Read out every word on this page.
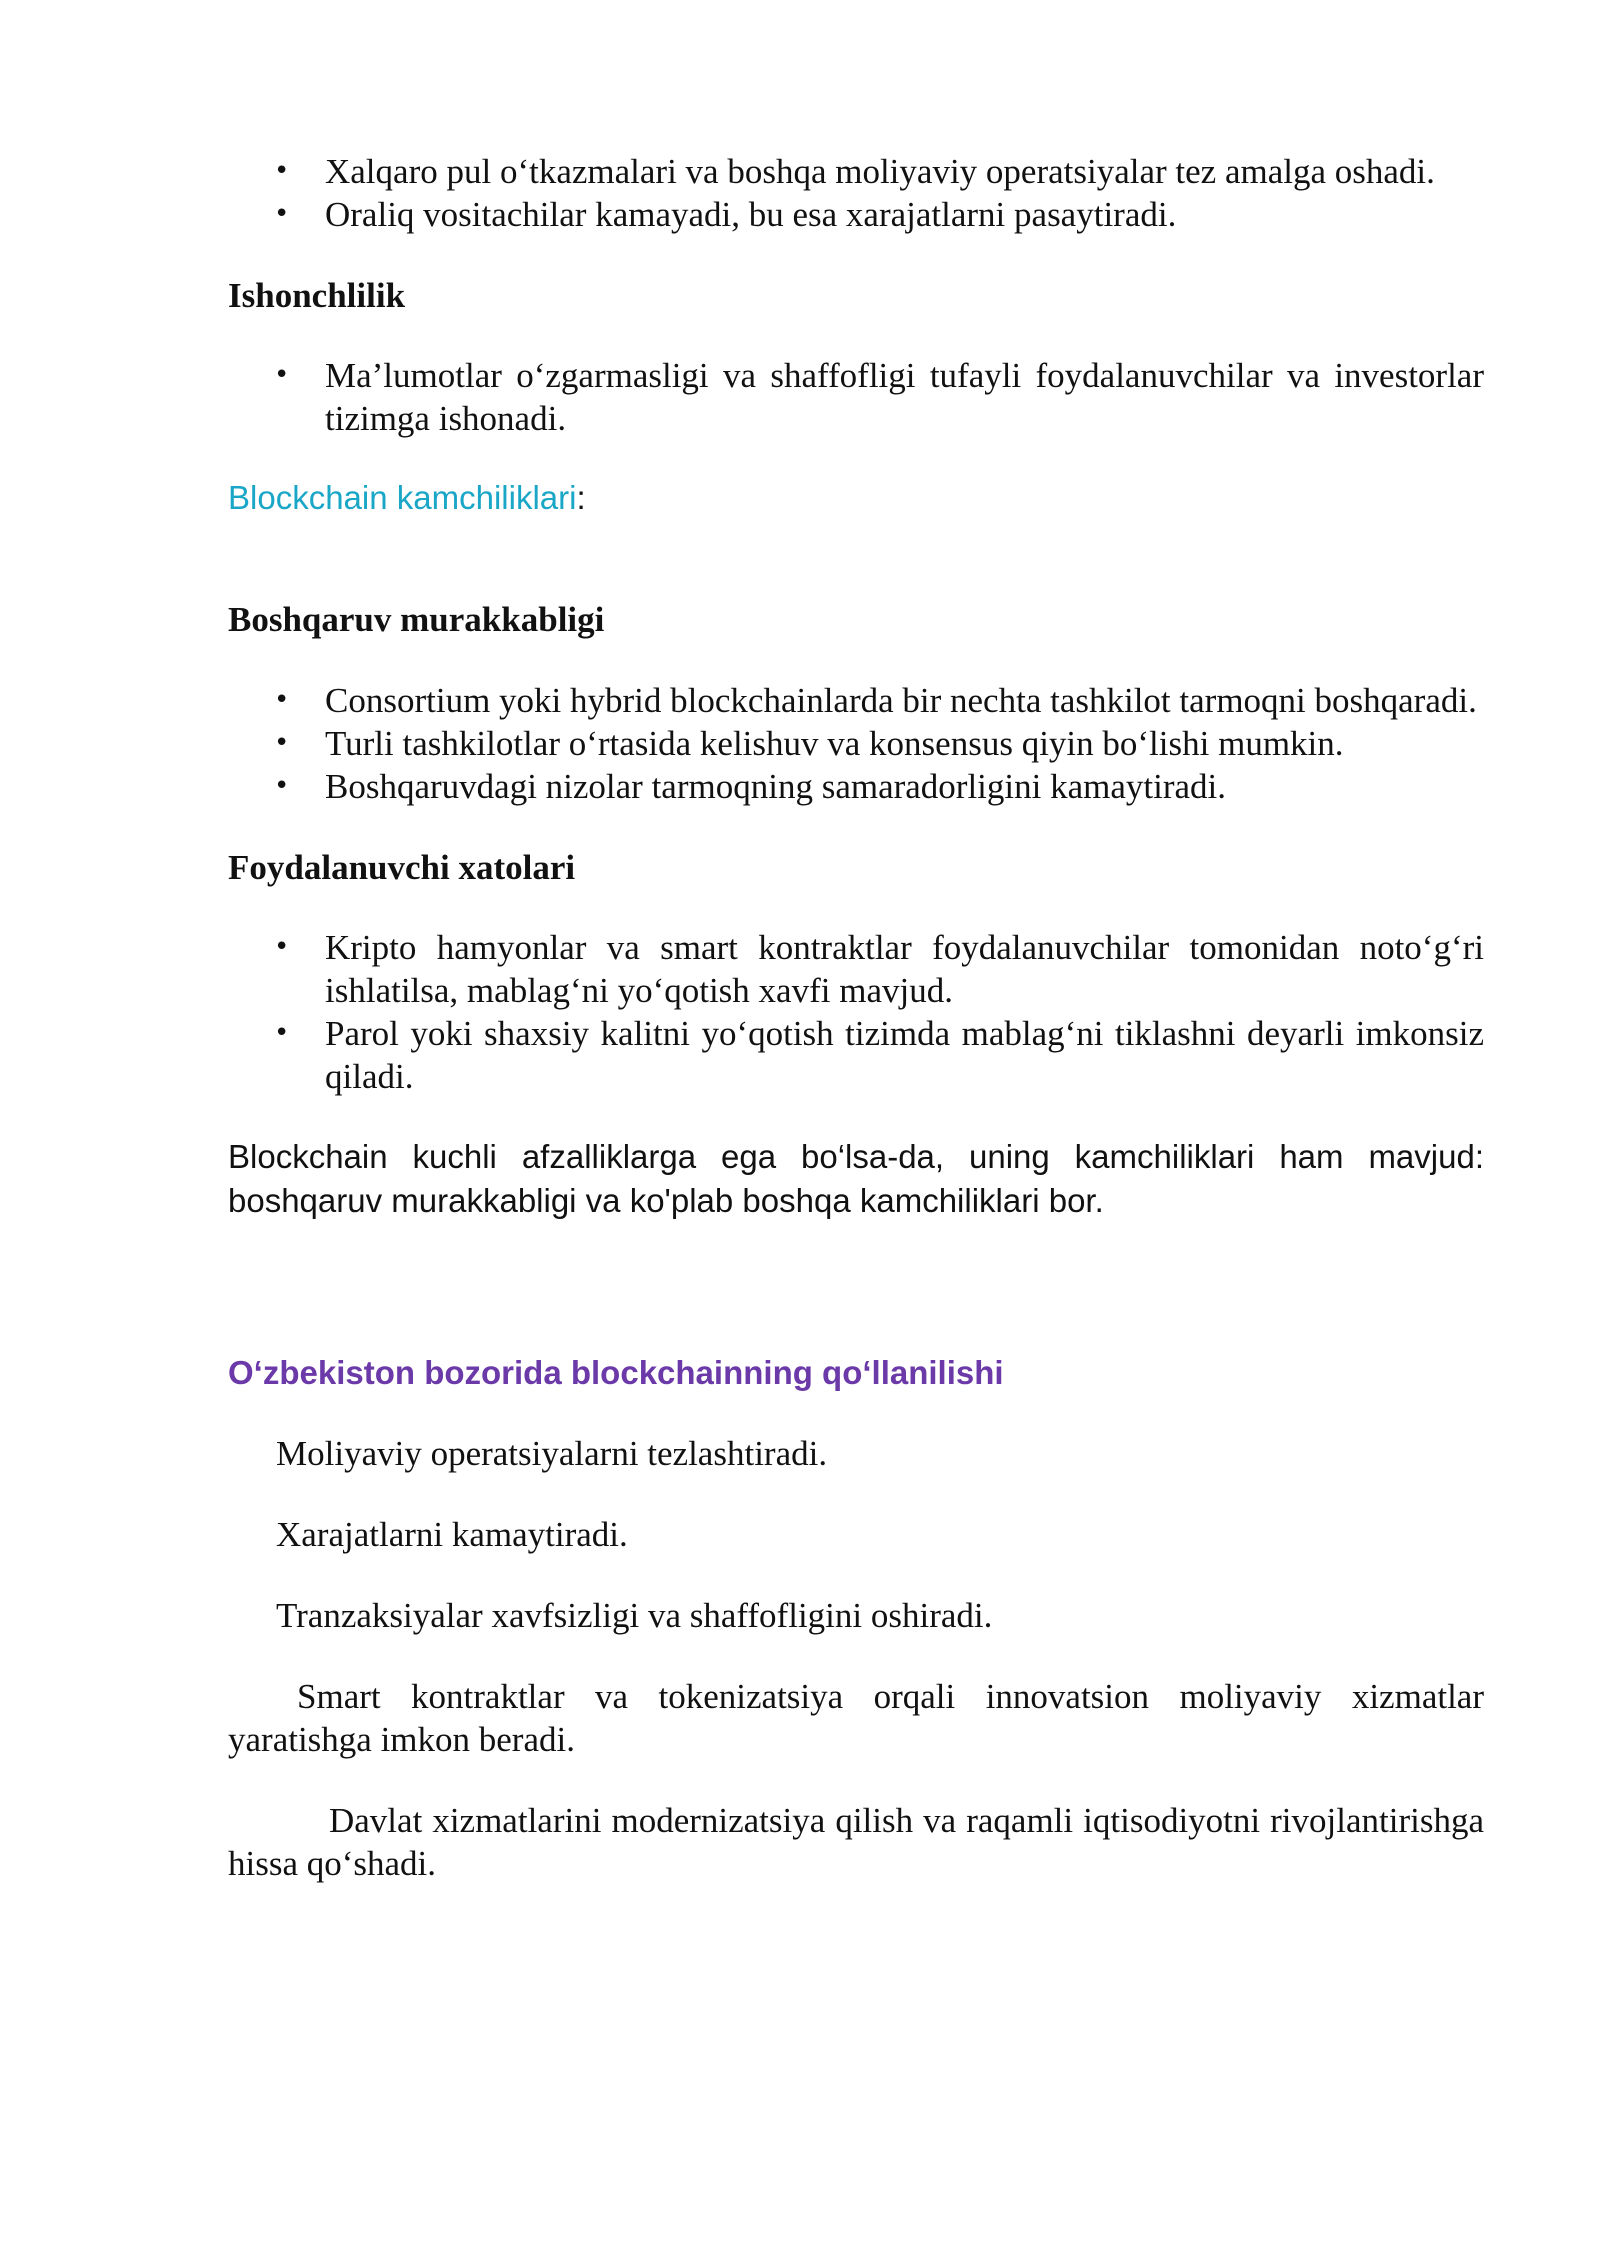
• Xalqaro pul o‘tkazmalari va boshqa moliyaviy operatsiyalar tez amalga oshadi.
• Oraliq vositachilar kamayadi, bu esa xarajatlarni pasaytiradi.
Ishonchlilik
• Ma’lumotlar o‘zgarmasligi va shaffofligi tufayli foydalanuvchilar va investorlar tizimga ishonadi.
Blockchain kamchiliklari:
Boshqaruv murakkabligi
• Consortium yoki hybrid blockchainlarda bir nechta tashkilot tarmoqni boshqaradi.
• Turli tashkilotlar o‘rtasida kelishuv va konsensus qiyin bo‘lishi mumkin.
• Boshqaruvdagi nizolar tarmoqning samaradorligini kamaytiradi.
Foydalanuvchi xatolari
• Kripto hamyonlar va smart kontraktlar foydalanuvchilar tomonidan noto‘g‘ri ishlatilsa, mablag‘ni yo‘qotish xavfi mavjud.
• Parol yoki shaxsiy kalitni yo‘qotish tizimda mablag‘ni tiklashni deyarli imkonsiz qiladi.

Blockchain kuchli afzalliklarga ega bo‘lsa-da, uning kamchiliklari ham mavjud: boshqaruv murakkabligi va ko'plab boshqa kamchiliklari bor.

O‘zbekiston bozorida blockchainning qo‘llanilishi

Moliyaviy operatsiyalarni tezlashtiradi.

Xarajatlarni kamaytiradi.

Tranzaksiyalar xavfsizligi va shaffofligini oshiradi.

Smart kontraktlar va tokenizatsiya orqali innovatsion moliyaviy xizmatlar yaratishga imkon beradi.

Davlat xizmatlarini modernizatsiya qilish va raqamli iqtisodiyotni rivojlantirishga hissa qo‘shadi.
